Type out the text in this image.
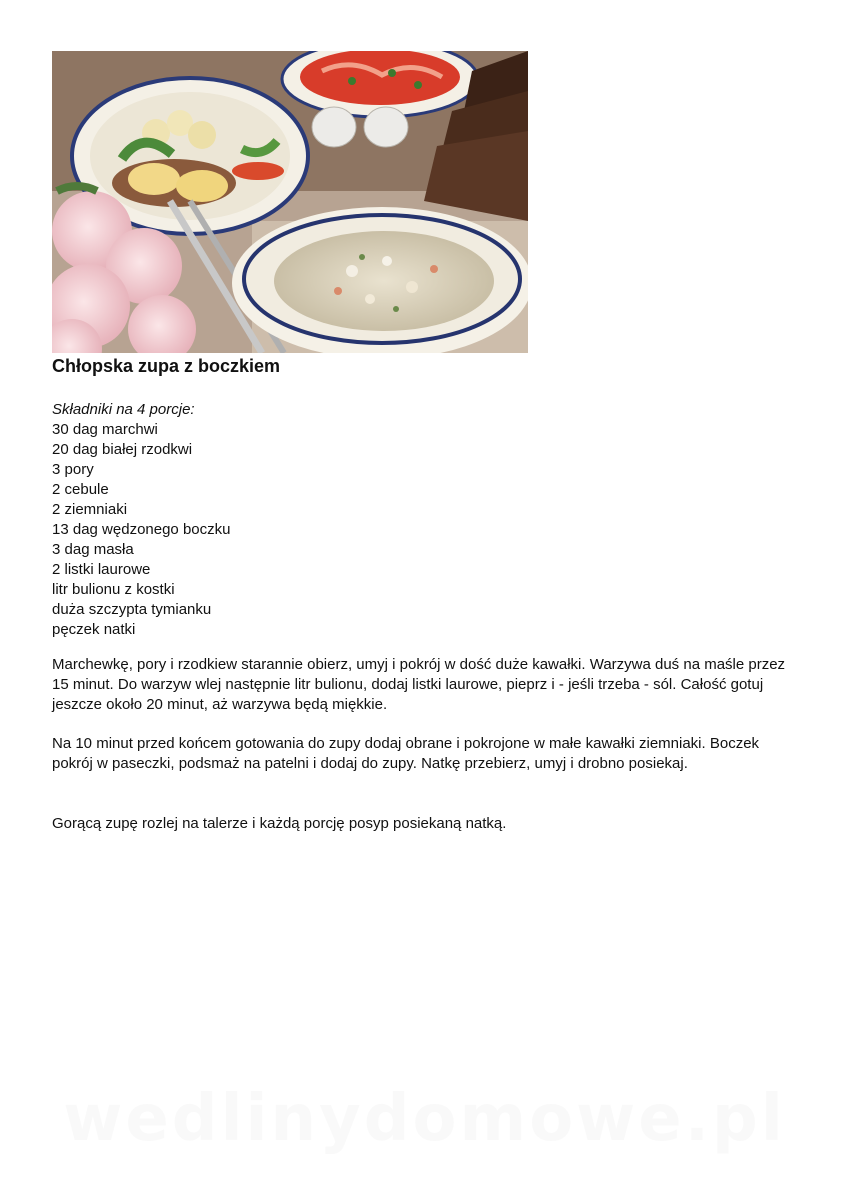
Chłopska zupa z boczkiem
Składniki na 4 porcje:
30 dag marchwi
20 dag białej rzodkwi
3 pory
2 cebule
2 ziemniaki
13 dag wędzonego boczku
3 dag masła
2 listki laurowe
litr bulionu z kostki
duża szczypta tymianku
pęczek natki

Marchewkę, pory i rzodkiew starannie obierz, umyj i pokrój w dość duże kawałki. Warzywa duś na maśle przez 15 minut. Do warzyw wlej następnie litr bulionu, dodaj listki laurowe, pieprz i - jeśli trzeba - sól. Całość gotuj jeszcze około 20 minut, aż warzywa będą miękkie.

Na 10 minut przed końcem gotowania do zupy dodaj obrane i pokrojone w małe kawałki ziemniaki. Boczek pokrój w paseczki, podsmaż na patelni i dodaj do zupy. Natkę przebierz, umyj i drobno posiekaj.

Gorącą zupę rozlej na talerze i każdą porcję posyp posiekaną natką.

wedlinydomowe.pl
